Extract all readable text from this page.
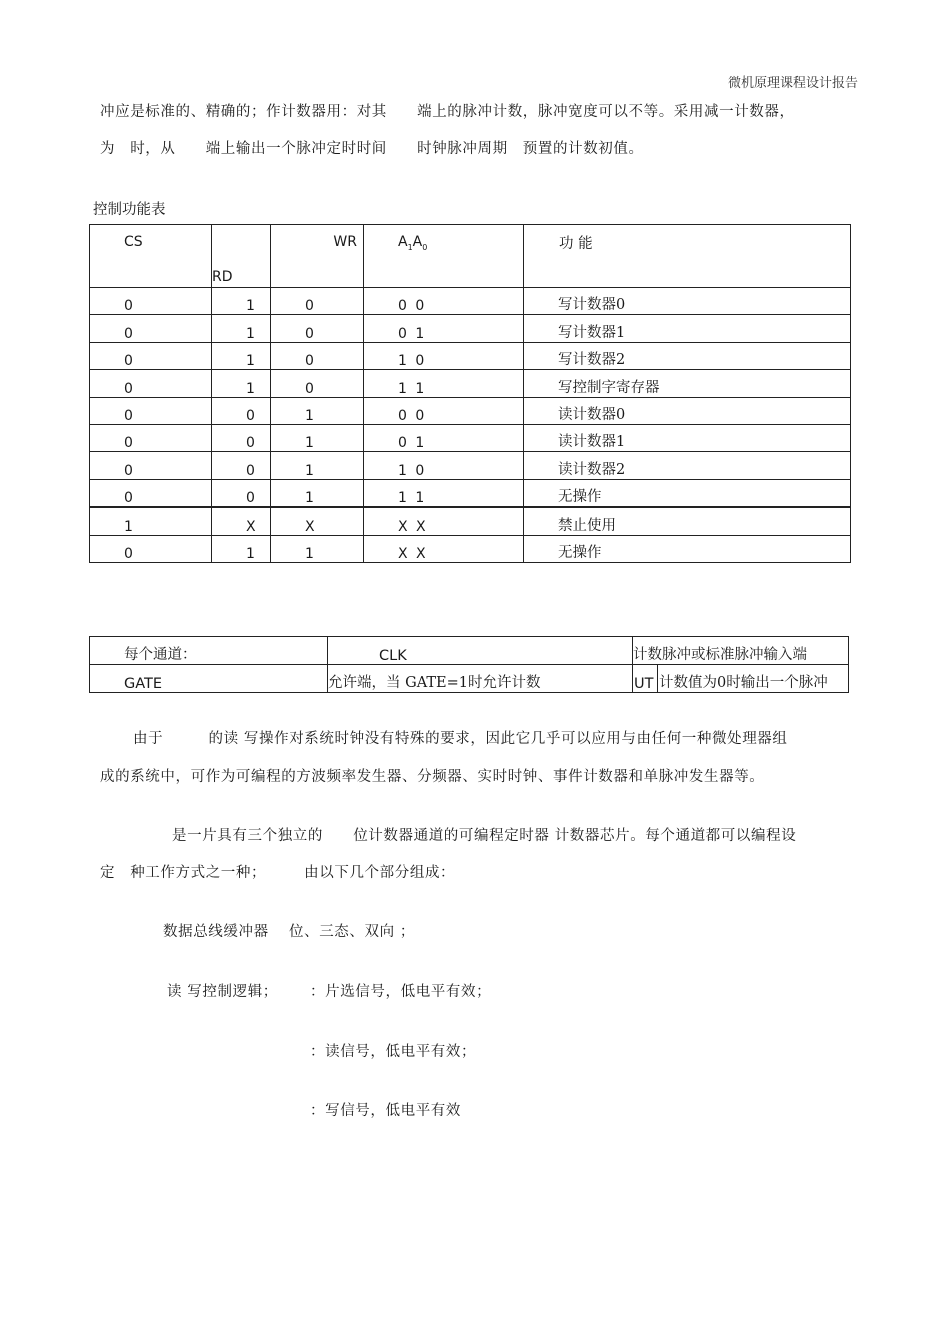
微机原理课程设计报告
冲应是标准的、精确的；作计数器用：对其　　端上的脉冲计数，脉冲宽度可以不等。采用减一计数器，
为　时，从　　端上输出一个脉冲定时时间　　时钟脉冲周期　预置的计数初值。
控制功能表
CS	RD	WR	$A_1A_0$	功 能
0	1	0	0 0	写计数器0
0	1	0	0 1	写计数器1
0	1	0	1 0	写计数器2
0	1	0	1 1	写控制字寄存器
0	0	1	0 0	读计数器0
0	0	1	0 1	读计数器1
0	0	1	1 0	读计数器2
0	0	1	1 1	无操作
1	X	X	X X	禁止使用
0	1	1	X X	无操作
每个通道：	CLK	计数脉冲或标准脉冲输入端	
GATE	允许端，当 GATE=1时允许计数	UT	计数值为0时输出一个脉冲
由于　　　的读 写操作对系统时钟没有特殊的要求，因此它几乎可以应用与由任何一种微处理器组
成的系统中，可作为可编程的方波频率发生器、分频器、实时时钟、事件计数器和单脉冲发生器等。
是一片具有三个独立的　　位计数器通道的可编程定时器 计数器芯片。每个通道都可以编程设
定　种工作方式之一种；　　　由以下几个部分组成：
数据总线缓冲器　 位、三态、双向 ；
读 写控制逻辑； ：片选信号，低电平有效；
：读信号，低电平有效；
：写信号，低电平有效
